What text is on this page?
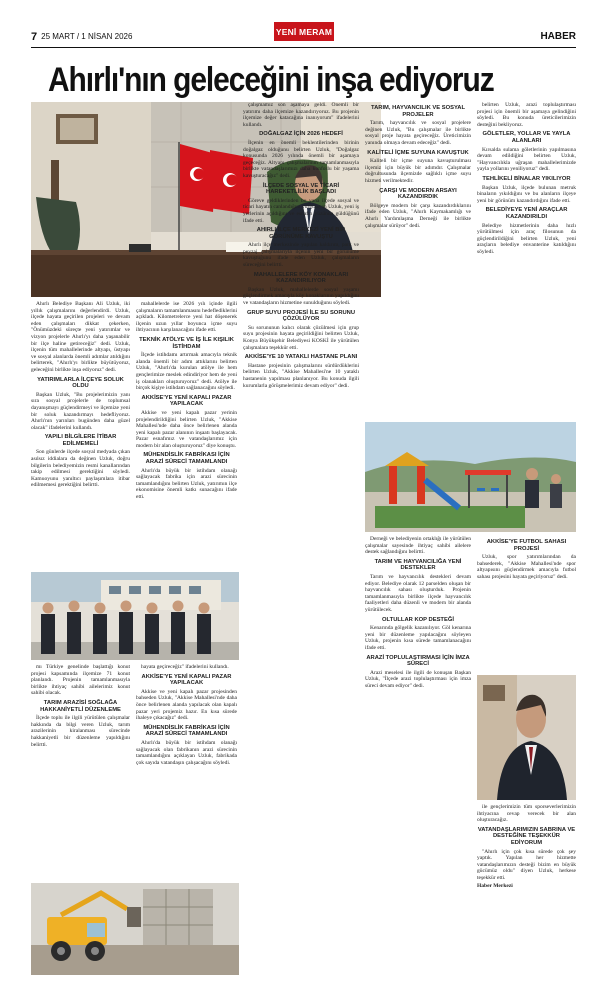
7 25 MART / 1 NİSAN 2026	YENİ MERAM	HABER
Ahırlı'nın geleceğini inşa ediyoruz

Ahırlı Belediye Başkanı Ali Uzluk, iki yıllık çalışmalarını değerlendirdi. Uzluk, ilçede hayata geçirilen projeleri ve devam eden çalışmaları dikkat çekerken, "Önümüzdeki süreçte yeni yatırımlar ve vizyon projelerle Ahırlı'yı daha yaşanabilir bir ilçe haline getireceğiz" dedi. Uzluk, ilçenin tüm mahallelerinde altyapı, üstyapı ve sosyal alanlarda önemli adımlar atıldığını belirterek, "Ahırlı'yı birlikte büyütüyoruz, geleceğini birlikte inşa ediyoruz" dedi.

YATIRIMLARLA İLÇEYE SOLUK OLDU

Başkan Uzluk, "Bu projelerimizin yanı sıra sosyal projelerle de toplumsal dayanışmayı güçlendirmeyi ve ilçemize yeni bir soluk kazandırmayı hedefliyoruz. Ahırlı'nın yarınları bugünden daha güzel olacak" ifadelerini kullandı.

YAPILI BİLGİLERE İTİBAR EDİLMEMELİ

Son günlerde ilçede sosyal medyada çıkan asılsız iddialara da değinen Uzluk, doğru bilgilerin belediyemizin resmi kanallarından takip edilmesi gerektiğini söyledi. Kamuoyunu yanıltıcı paylaşımlara itibar edilmemesi gerektiğini belirtti.

mahallelerde ise 2026 yılı içinde ilgili çalışmaların tamamlanmasını hedeflediklerini açıkladı. Kilometrelerce yeni hat döşenerek ilçenin uzun yıllar boyunca içme suyu ihtiyacının karşılanacağını ifade etti.

TEKNİK ATÖLYE VE İŞ İLE KIŞILIK İSTİHDAM

İlçede istihdamı artırmak amacıyla teknik alanda önemli bir adım attıklarını belirten Uzluk, "Ahırlı'da kurulan atölye ile hem gençlerimize meslek edindiriyor hem de yeni iş olanakları oluşturuyoruz" dedi. Atölye ile birçok kişiye istihdam sağlanacağını söyledi.

AKKİSE'YE YENİ KAPALI PAZAR YAPILACAK

Akkise ve yeni kapalı pazar yerinin projelendirildiğini belirten Uzluk, "Akkise Mahallesi'nde daha önce belirlenen alanda yeni kapalı pazar alanının inşaatı başlayacak. Pazar esnafımız ve vatandaşlarımız için modern bir alan oluşturuyoruz" diye konuştu.

MÜHENDİSLİK FABRİKASI İÇİN ARAZİ SÜRECİ TAMAMLANDI

Ahırlı'da büyük bir istihdam olanağı sağlayacak fabrika için arazi sürecinin tamamlandığını belirten Uzluk, yatırımın ilçe ekonomisine önemli katkı sunacağını ifade etti.

mı Türkiye genelinde başlattığı konut projesi kapsamında ilçemize 71 konut planlandı. Projenin tamamlanmasıyla birlikte ihtiyaç sahibi ailelerimiz konut sahibi olacak.

TARIM ARAZİSİ SOĞLAĞA HAKKANİYETLİ DÜZENLEME

İlçede toplu ile ilgili yürütülen çalışmalar hakkında da bilgi veren Uzluk, tarım arazilerinin kiralanması sürecinde hakkaniyetli bir düzenleme yapıldığını belirtti.

hayata geçireceğiz" ifadelerini kullandı.

AKKİSE'YE YENİ KAPALI PAZAR YAPILACAK

Akkise ve yeni kapalı pazar projesinden bahseden Uzluk, "Akkise Mahallesi'nde daha önce belirlenen alanda yapılacak olan kapalı pazar yeri projemiz hazır. En kısa sürede ihaleye çıkacağız" dedi.

MÜHENDİSLİK FABRİKASI İÇİN ARAZİ SÜRECİ TAMAMLANDI

Ahırlı'da büyük bir istihdam olanağı sağlayacak olan fabrikanın arazi sürecinin tamamlandığını açıklayan Uzluk, fabrikada çok sayıda vatandaşın çalışacağını söyledi.

çalışmamız son aşamaya geldi. Önemli bir yatırımı daha ilçemize kazandırıyoruz. Bu projenin ilçemize değer katacağına inanıyorum" ifadelerini kullandı.

DOĞALGAZ İÇİN 2026 HEDEFİ

İlçenin en önemli beklentilerinden birinin doğalgaz olduğunu belirten Uzluk, "Doğalgaz konusunda 2026 yılında önemli bir aşamaya geçeceğiz. Altyapı çalışmalarının tamamlanmasıyla birlikte vatandaşlarımızı daha konforlu bir yaşama kavuşturacağız" dedi.

İLÇEDE SOSYAL VE TİCARİ HAREKETLİLİK BAŞLADI

Göreve geldiklerinden bu yana ilçede sosyal ve ticari hayatın canlandığını vurgulayan Uzluk, yeni iş yerlerinin açıldığını ve esnafın yüzünün güldüğünü ifade etti.

AHIRLI İLÇE MERKEZİ YENİ BİR GÖRÜNÜME KAVUŞTU

Ahırlı ilçe merkezinde yapılan kaldırım, park ve peyzaj çalışmalarıyla ilçenin yeni bir görünüme kavuştuğunu ifade eden Uzluk, çalışmaların süreceğini belirtti.

MAHALLELERE KÖY KONAKLARI KAZANDIRILIYOR

Başkan Uzluk, mahallelerde sosyal yaşamı güçlendirmek amacıyla köy konaklarının yapıldığını ve vatandaşların hizmetine sunulduğunu söyledi.

GRUP SUYU PROJESİ İLE SU SORUNU ÇÖZÜLÜYOR

Su sorununun kalıcı olarak çözülmesi için grup suyu projesinin hayata geçirildiğini belirten Uzluk, Konya Büyükşehir Belediyesi KOSKİ ile yürütülen çalışmalara teşekkür etti.

AKKİSE'YE 10 YATAKLI HASTANE PLANI

Hastane projesinin çalışmalarını sürdürdüklerini belirten Uzluk, "Akkise Mahallesi'ne 10 yataklı hastanenin yapılması planlanıyor. Bu konuda ilgili kurumlarla görüşmelerimiz devam ediyor" dedi.

TARIM, HAYVANCILIK VE SOSYAL PROJELER

Tarım, hayvancılık ve sosyal projelere değinen Uzluk, "Bu çalışmalar ile birlikte sosyal proje hayata geçireceğiz. Üreticimizin yanında olmaya devam edeceğiz" dedi.

KALİTELİ İÇME SUYUNA KAVUŞTUK

Kaliteli bir içme suyuna kavuşturulması ilçemiz için büyük bir adımdır. Çalışmalar doğrultusunda ilçemizde sağlıklı içme suyu hizmeti verilmektedir.

ÇARŞI VE MODERN ARSAYI KAZANDIRDIK

Bölgeye modern bir çarşı kazandırdıklarını ifade eden Uzluk, "Ahırlı Kaymakamlığı ve Ahırlı Yardımlaşma Derneği ile birlikte çalışmalar sürüyor" dedi.

belirten Uzluk, arazi toplulaştırması projesi için önemli bir aşamaya gelindiğini söyledi. Bu konuda üreticilerimizin desteğini bekliyoruz.

GÖLETLER, YOLLAR VE YAYLA ALANLARI

Kırsalda sulama göletlerinin yapılmasına devam edildiğini belirten Uzluk, "Hayvancılıkla uğraşan mahallelerimizde yayla yollarını yeniliyoruz" dedi.

TEHLİKELİ BİNALAR YIKILIYOR

Başkan Uzluk, ilçede bulunan metruk binaların yıkıldığını ve bu alanların ilçeye yeni bir görünüm kazandırdığını ifade etti.

BELEDİYEYE YENİ ARAÇLAR KAZANDIRILDI

Belediye hizmetlerinin daha hızlı yürütülmesi için araç filosunun da güçlendirildiğini belirten Uzluk, yeni araçların belediye envanterine katıldığını söyledi.

Derneği ve belediyenin ortaklığı ile yürütülen çalışmalar sayesinde ihtiyaç sahibi ailelere destek sağlandığını belirtti.

TARIM VE HAYVANCILIĞA YENİ DESTEKLER

Tarım ve hayvancılık destekleri devam ediyor. Belediye olarak 12 parselden oluşan bir hayvancılık sahası oluşturduk. Projenin tamamlanmasıyla birlikte ilçede hayvancılık faaliyetleri daha düzenli ve modern bir alanda yürütülecek.

OLTULLAR KOP DESTEĞİ

Kenarında gölgelik kazanılıyor. Göl kenarına yeni bir düzenleme yapılacağını söyleyen Uzluk, projenin kısa sürede tamamlanacağını ifade etti.

ARAZİ TOPLULAŞTIRMASI İÇİN İMZA SÜRECİ

Arazi meselesi ile ilgili de konuşan Başkan Uzluk, "İlçede arazi toplulaştırması için imza süreci devam ediyor" dedi.

AKKİSE'YE FUTBOL SAHASI PROJESİ

Uzluk, spor yatırımlarından da bahsederek, "Akkise Mahallesi'nde spor altyapısını güçlendirmek amacıyla futbol sahası projesini hayata geçiriyoruz" dedi.

ile gençlerimizin tüm sporseverlerimizin ihtiyacına cevap verecek bir alan oluşturacağız.

VATANDAŞLARIMIZIN SABRINA VE DESTEĞİNE TEŞEKKÜR EDİYORUM

"Ahırlı için çok kısa sürede çok şey yaptık. Yapılan her hizmette vatandaşlarımızın desteği bizim en büyük gücümüz oldu" diyen Uzluk, herkese teşekkür etti.

Haber Merkezi
